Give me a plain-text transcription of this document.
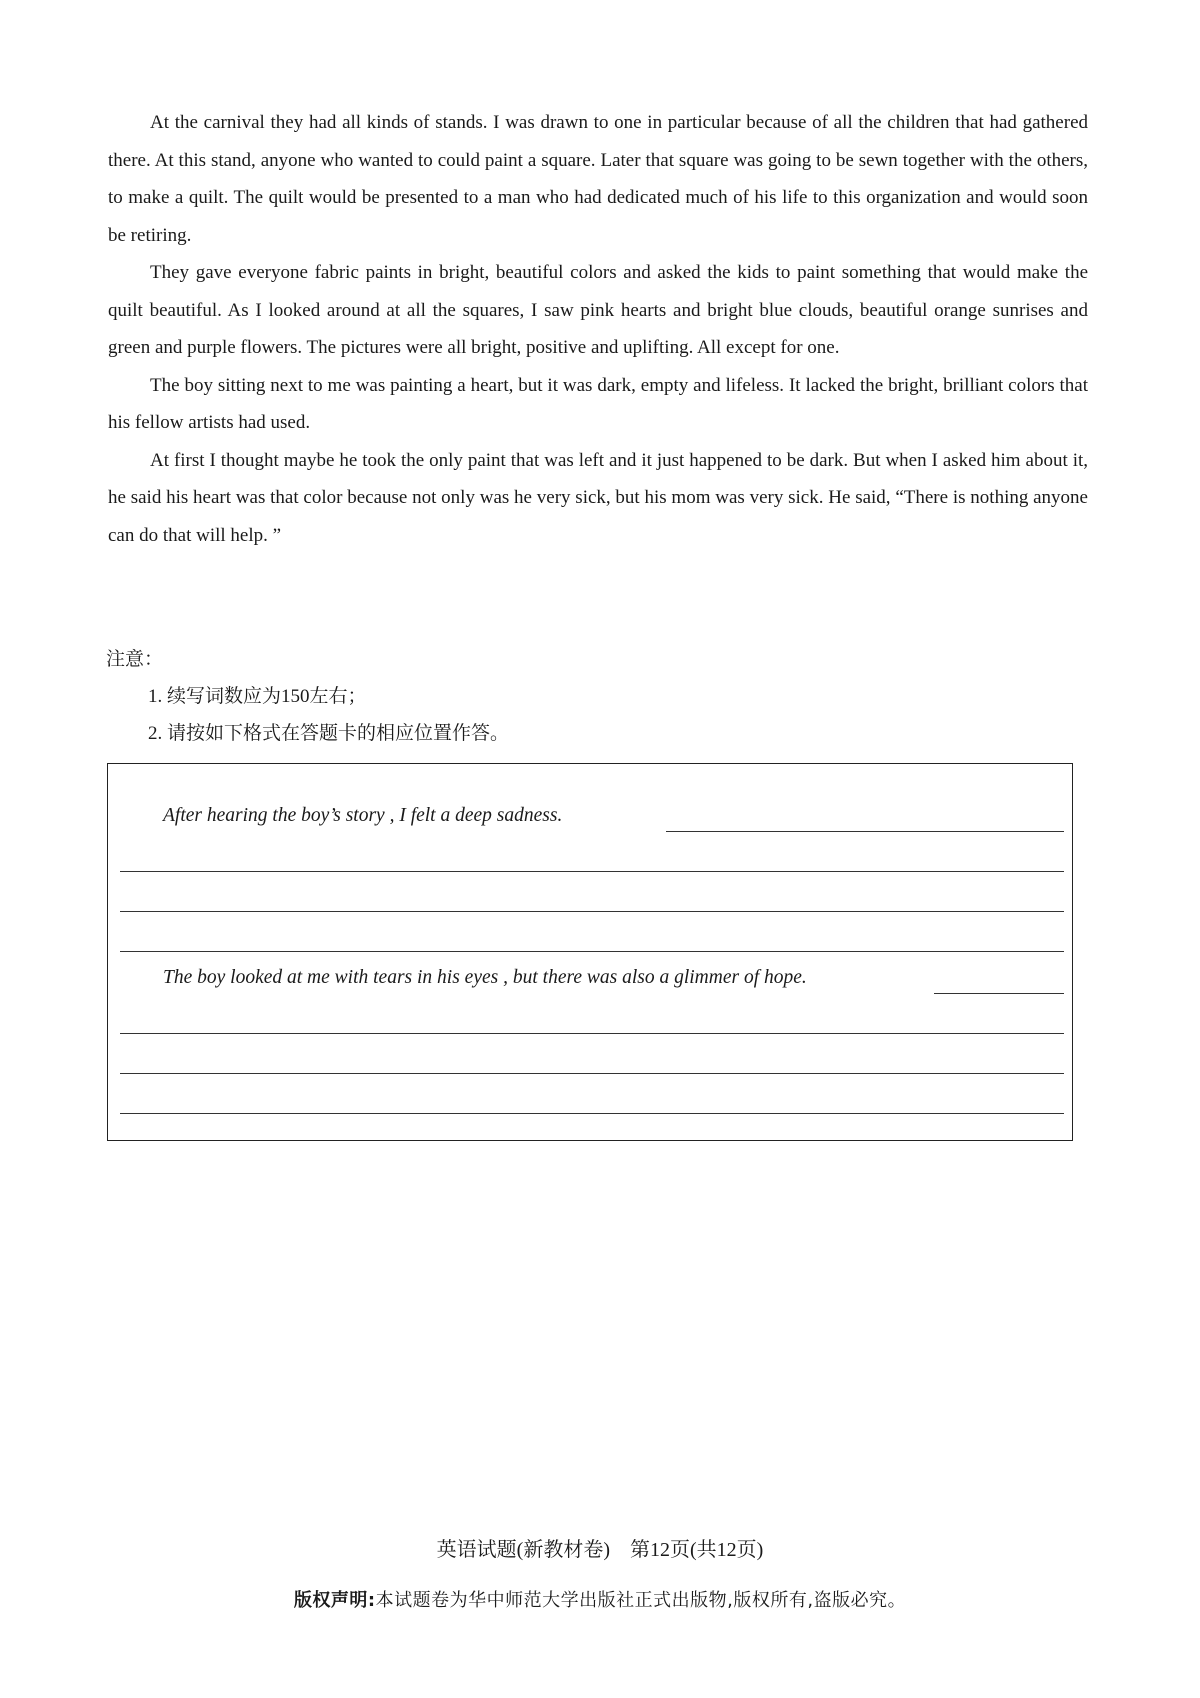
At the carnival they had all kinds of stands. I was drawn to one in particular because of all the children that had gathered there. At this stand, anyone who wanted to could paint a square. Later that square was going to be sewn together with the others, to make a quilt. The quilt would be presented to a man who had dedicated much of his life to this organization and would soon be retiring.

They gave everyone fabric paints in bright, beautiful colors and asked the kids to paint something that would make the quilt beautiful. As I looked around at all the squares, I saw pink hearts and bright blue clouds, beautiful orange sunrises and green and purple flowers. The pictures were all bright, positive and uplifting. All except for one.

The boy sitting next to me was painting a heart, but it was dark, empty and lifeless. It lacked the bright, brilliant colors that his fellow artists had used.

At first I thought maybe he took the only paint that was left and it just happened to be dark. But when I asked him about it, he said his heart was that color because not only was he very sick, but his mom was very sick. He said, “There is nothing anyone can do that will help. ”

注意：
1. 续写词数应为150左右；
2. 请按如下格式在答题卡的相应位置作答。
After hearing the boy’s story , I felt a deep sadness.
The boy looked at me with tears in his eyes , but there was also a glimmer of hope.
英语试题(新教材卷)　第12页(共12页)
版权声明:本试题卷为华中师范大学出版社正式出版物,版权所有,盗版必究。
